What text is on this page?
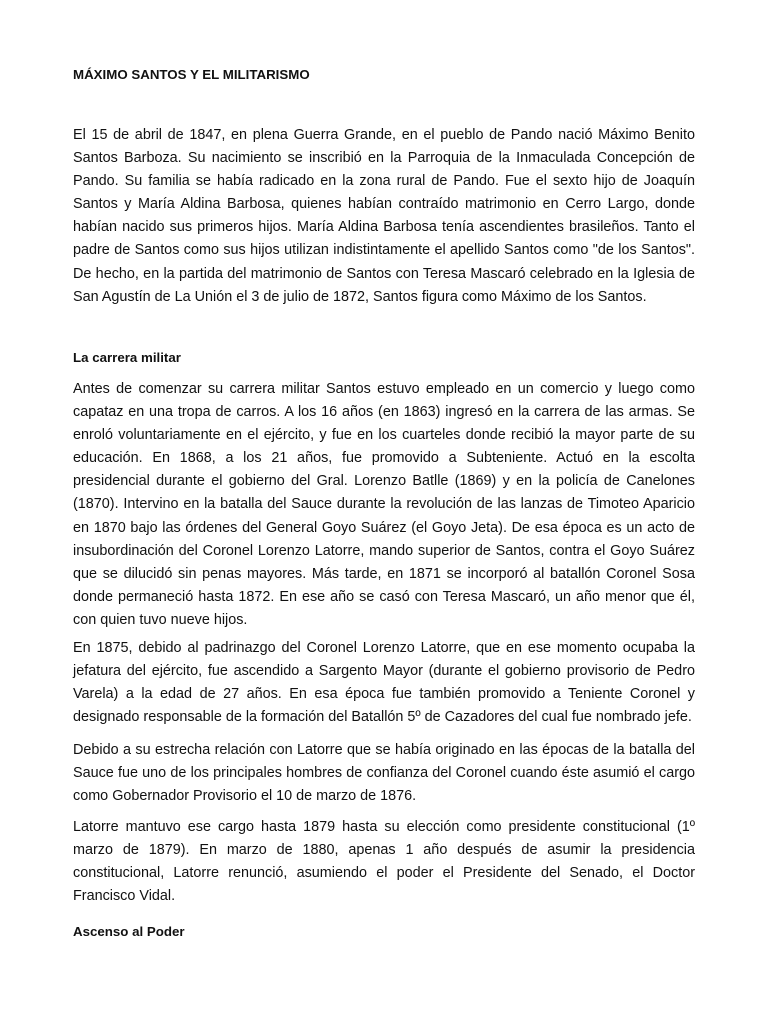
MÁXIMO SANTOS Y EL MILITARISMO

El 15 de abril de 1847, en plena Guerra Grande, en el pueblo de Pando nació Máximo Benito Santos Barboza. Su nacimiento se inscribió en la Parroquia de la Inmaculada Concepción de Pando. Su familia se había radicado en la zona rural de Pando. Fue el sexto hijo de Joaquín Santos y María Aldina Barbosa, quienes habían contraído matrimonio en Cerro Largo, donde habían nacido sus primeros hijos. María Aldina Barbosa tenía ascendientes brasileños. Tanto el padre de Santos como sus hijos utilizan indistintamente el apellido Santos como "de los Santos". De hecho, en la partida del matrimonio de Santos con Teresa Mascaró celebrado en la Iglesia de San Agustín de La Unión el 3 de julio de 1872, Santos figura como Máximo de los Santos.

La carrera militar

Antes de comenzar su carrera militar Santos estuvo empleado en un comercio y luego como capataz en una tropa de carros. A los 16 años (en 1863) ingresó en la carrera de las armas. Se enroló voluntariamente en el ejército, y fue en los cuarteles donde recibió la mayor parte de su educación. En 1868, a los 21 años, fue promovido a Subteniente. Actuó en la escolta presidencial durante el gobierno del Gral. Lorenzo Batlle (1869) y en la policía de Canelones (1870). Intervino en la batalla del Sauce durante la revolución de las lanzas de Timoteo Aparicio en 1870 bajo las órdenes del General Goyo Suárez (el Goyo Jeta). De esa época es un acto de insubordinación del Coronel Lorenzo Latorre, mando superior de Santos, contra el Goyo Suárez que se dilucidó sin penas mayores. Más tarde, en 1871 se incorporó al batallón Coronel Sosa donde permaneció hasta 1872. En ese año se casó con Teresa Mascaró, un año menor que él, con quien tuvo nueve hijos.

En 1875, debido al padrinazgo del Coronel Lorenzo Latorre, que en ese momento ocupaba la jefatura del ejército, fue ascendido a Sargento Mayor (durante el gobierno provisorio de Pedro Varela) a la edad de 27 años. En esa época fue también promovido a Teniente Coronel y designado responsable de la formación del Batallón 5º de Cazadores del cual fue nombrado jefe.

Debido a su estrecha relación con Latorre que se había originado en las épocas de la batalla del Sauce fue uno de los principales hombres de confianza del Coronel cuando éste asumió el cargo como Gobernador Provisorio el 10 de marzo de 1876.

Latorre mantuvo ese cargo hasta 1879 hasta su elección como presidente constitucional (1º marzo de 1879). En marzo de 1880, apenas 1 año después de asumir la presidencia constitucional, Latorre renunció, asumiendo el poder el Presidente del Senado, el Doctor Francisco Vidal.

Ascenso al Poder
